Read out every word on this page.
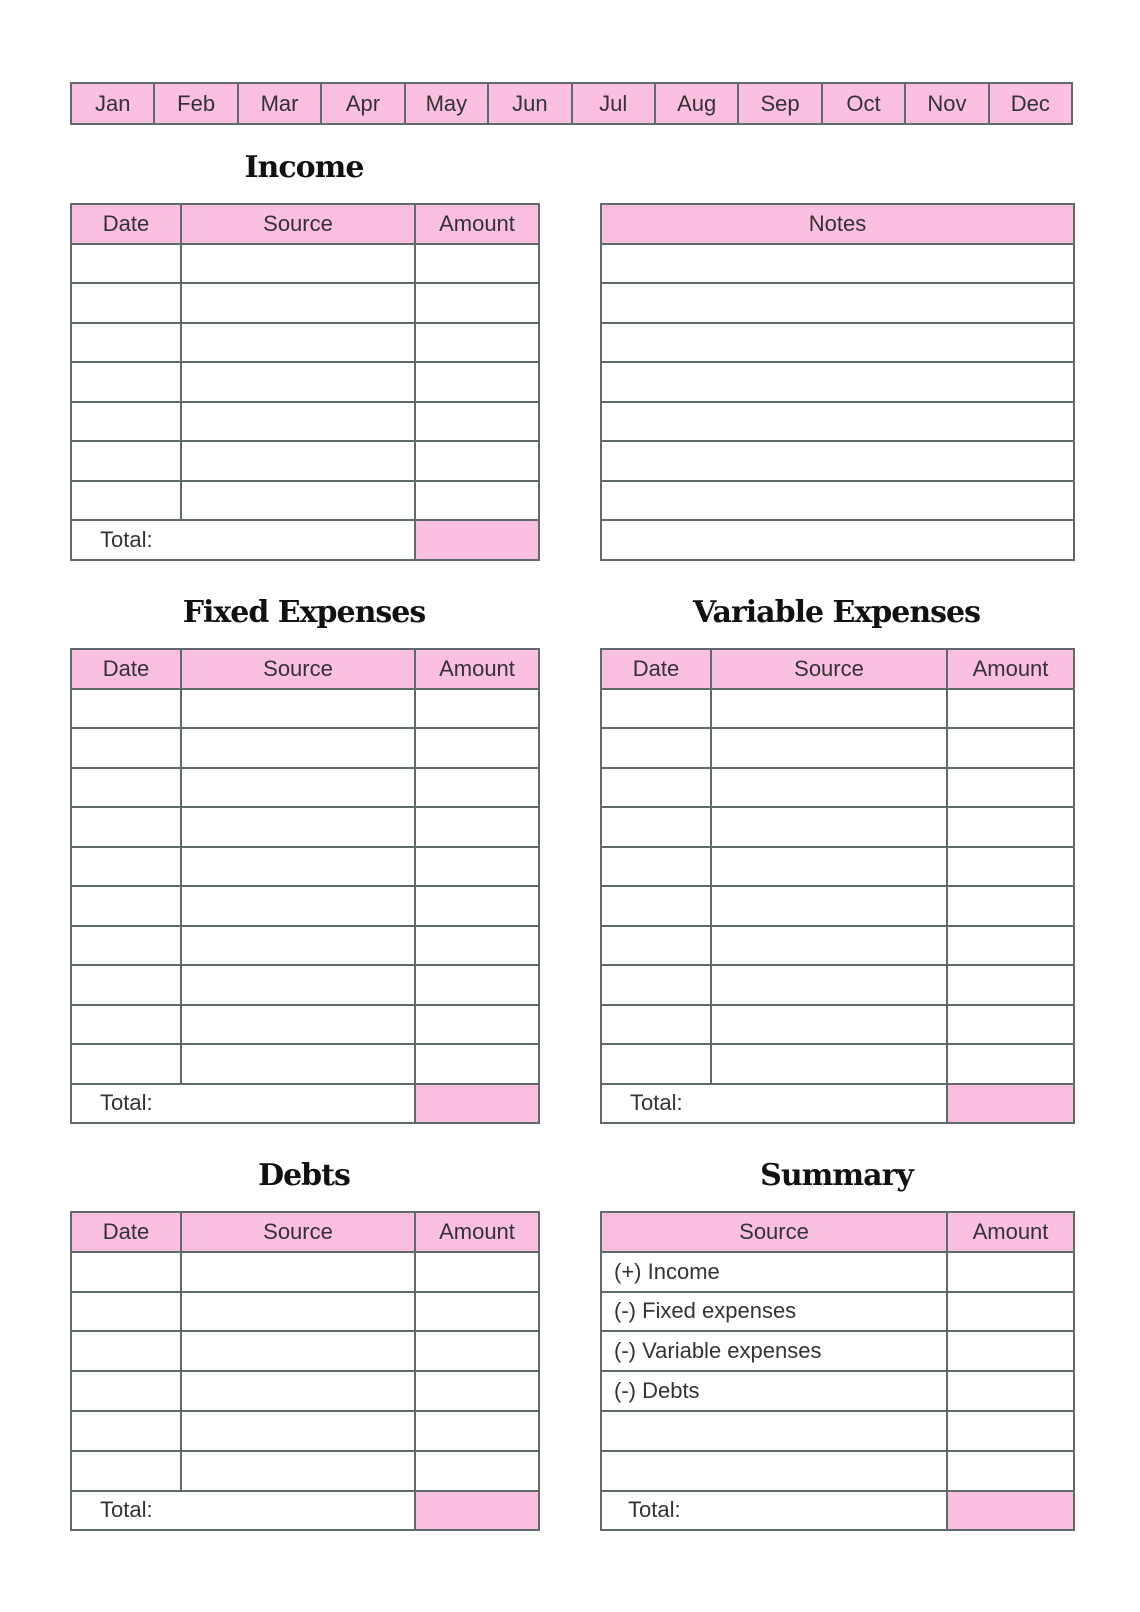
Jan	Feb	Mar	Apr	May	Jun	Jul	Aug	Sep	Oct	Nov	Dec
Income
Date	Source	Amount

Total:		
Notes

Fixed Expenses
Date	Source	Amount

Total:		
Variable Expenses
Date	Source	Amount

Total:		
Debts
Date	Source	Amount

Total:		
Summary
Source	Amount
(+) Income	
(-) Fixed expenses	
(-) Variable expenses	
(-) Debts	

Total:	
